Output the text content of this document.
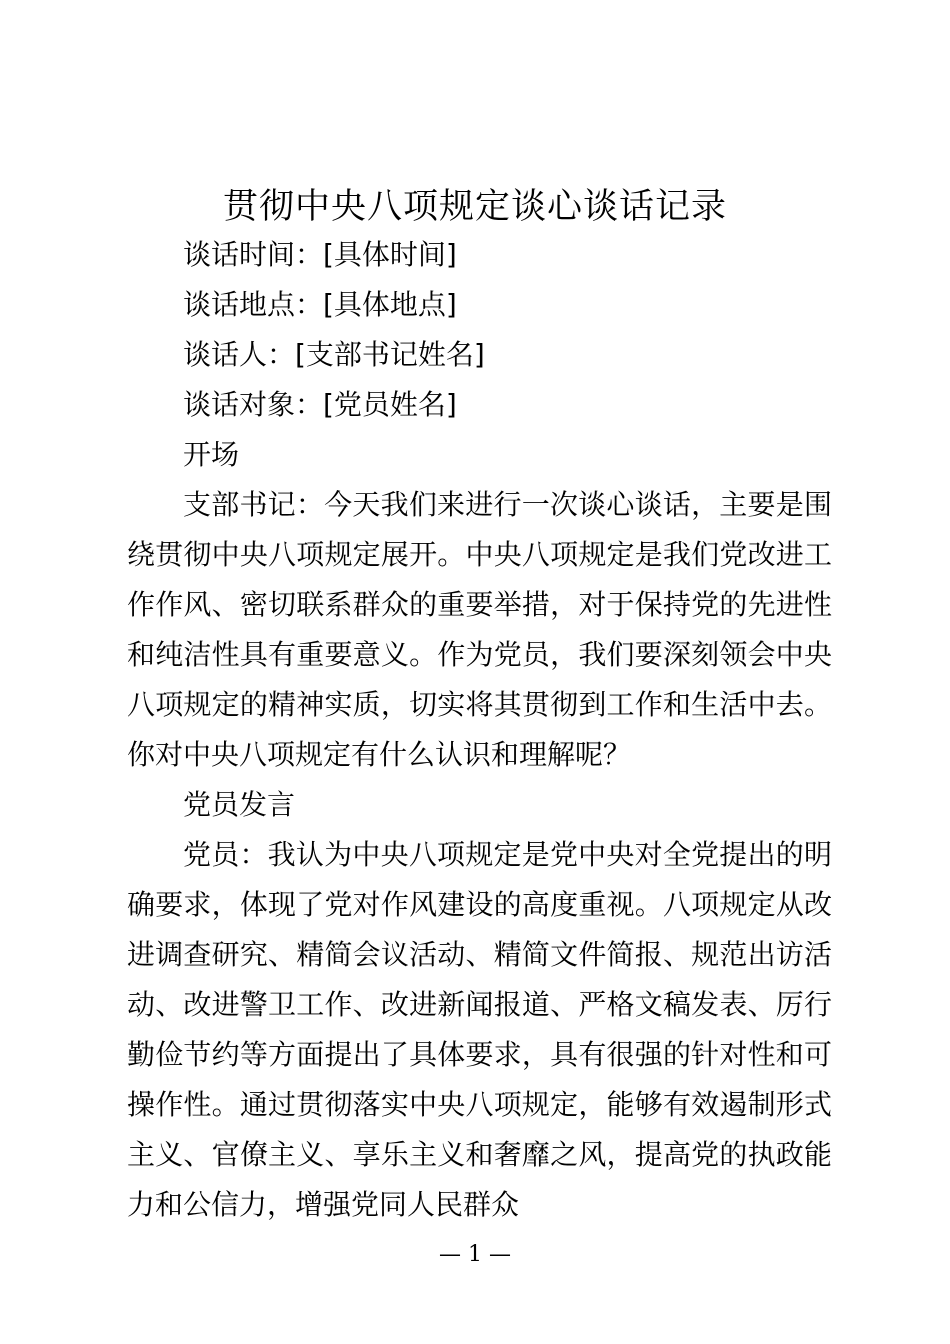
贯彻中央八项规定谈心谈话记录

谈话时间：[具体时间]

谈话地点：[具体地点]

谈话人：[支部书记姓名]

谈话对象：[党员姓名]

开场

支部书记：今天我们来进行一次谈心谈话，主要是围绕贯彻中央八项规定展开。中央八项规定是我们党改进工作作风、密切联系群众的重要举措，对于保持党的先进性和纯洁性具有重要意义。作为党员，我们要深刻领会中央八项规定的精神实质，切实将其贯彻到工作和生活中去。你对中央八项规定有什么认识和理解呢？

党员发言

党员：我认为中央八项规定是党中央对全党提出的明确要求，体现了党对作风建设的高度重视。八项规定从改进调查研究、精简会议活动、精简文件简报、规范出访活动、改进警卫工作、改进新闻报道、严格文稿发表、厉行勤俭节约等方面提出了具体要求，具有很强的针对性和可操作性。通过贯彻落实中央八项规定，能够有效遏制形式主义、官僚主义、享乐主义和奢靡之风，提高党的执政能力和公信力，增强党同人民群众

— 1 —
